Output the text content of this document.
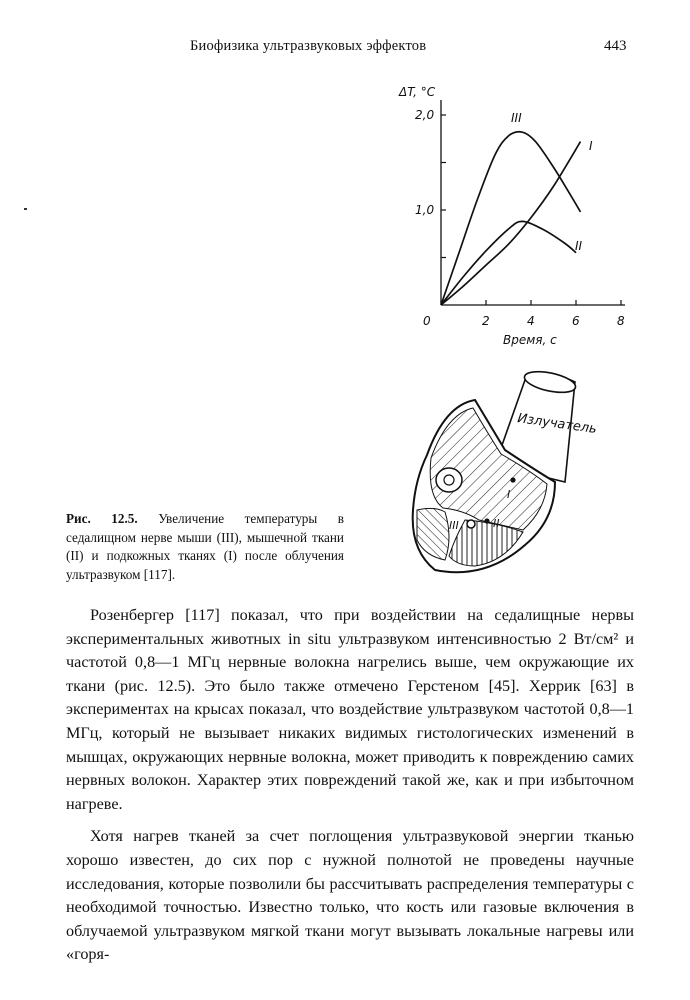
Биофизика ультразвуковых эффектов	443
0	2	4	6	8
1,0
2,0
ΔT, °С
Время, с
III
I
II
Излучатель
I
II
III
Рис. 12.5. Увеличение температуры в седалищном нерве мыши (III), мышечной ткани (II) и подкожных тканях (I) после облучения ультразвуком [117].

Розенбергер [117] показал, что при воздействии на седалищные нервы экспериментальных животных in situ ультразвуком интенсивностью 2 Вт/см² и частотой 0,8—1 МГц нервные волокна нагрелись выше, чем окружающие их ткани (рис. 12.5). Это было также отмечено Герстеном [45]. Херрик [63] в экспериментах на крысах показал, что воздействие ультразвуком частотой 0,8—1 МГц, который не вызывает никаких видимых гистологических изменений в мышцах, окружающих нервные волокна, может приводить к повреждению самих нервных волокон. Характер этих повреждений такой же, как и при избыточном нагреве.

Хотя нагрев тканей за счет поглощения ультразвуковой энергии тканью хорошо известен, до сих пор с нужной полнотой не проведены научные исследования, которые позволили бы рассчитывать распределения температуры с необходимой точностью. Известно только, что кость или газовые включения в облучаемой ультразвуком мягкой ткани могут вызывать локальные нагревы или «горя-
